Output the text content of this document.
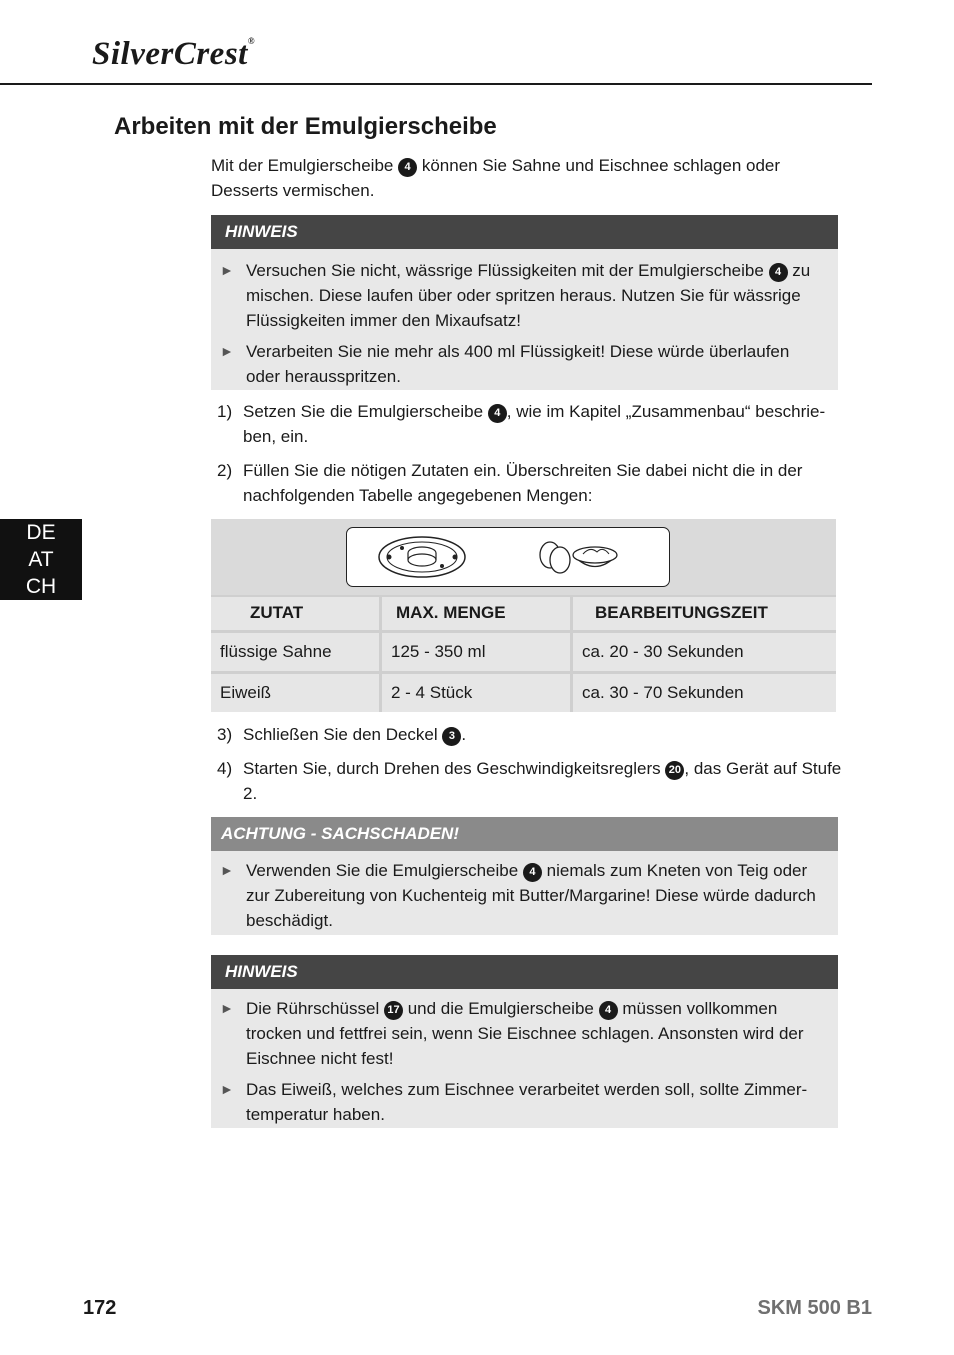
SilverCrest®
Arbeiten mit der Emulgierscheibe
Mit der Emulgierscheibe 4 können Sie Sahne und Eischnee schlagen oder Desserts vermischen.
HINWEIS
► Versuchen Sie nicht, wässrige Flüssigkeiten mit der Emulgierscheibe 4 zu mischen. Diese laufen über oder spritzen heraus. Nutzen Sie für wässrige Flüssigkeiten immer den Mixaufsatz!
► Verarbeiten Sie nie mehr als 400 ml Flüssigkeit! Diese würde überlaufen oder herausspritzen.
1) Setzen Sie die Emulgierscheibe 4 , wie im Kapitel „Zusammenbau“ beschrie-ben, ein.
2) Füllen Sie die nötigen Zutaten ein. Überschreiten Sie dabei nicht die in der nachfolgenden Tabelle angegebenen Mengen:
ZUTAT	MAX. MENGE	BEARBEITUNGSZEIT
flüssige Sahne	125 - 350 ml	ca. 20 - 30 Sekunden
Eiweiß	2 - 4 Stück	ca. 30 - 70 Sekunden
3) Schließen Sie den Deckel 3 .
4) Starten Sie, durch Drehen des Geschwindigkeitsreglers 20 , das Gerät auf Stufe 2.
ACHTUNG - SACHSCHADEN!
► Verwenden Sie die Emulgierscheibe 4 niemals zum Kneten von Teig oder zur Zubereitung von Kuchenteig mit Butter/Margarine! Diese würde dadurch beschädigt.
HINWEIS
► Die Rührschüssel 17 und die Emulgierscheibe 4 müssen vollkommen trocken und fettfrei sein, wenn Sie Eischnee schlagen. Ansonsten wird der Eischnee nicht fest!
► Das Eiweiß, welches zum Eischnee verarbeitet werden soll, sollte Zimmer-temperatur haben.
DE
AT
CH
172	SKM 500 B1
